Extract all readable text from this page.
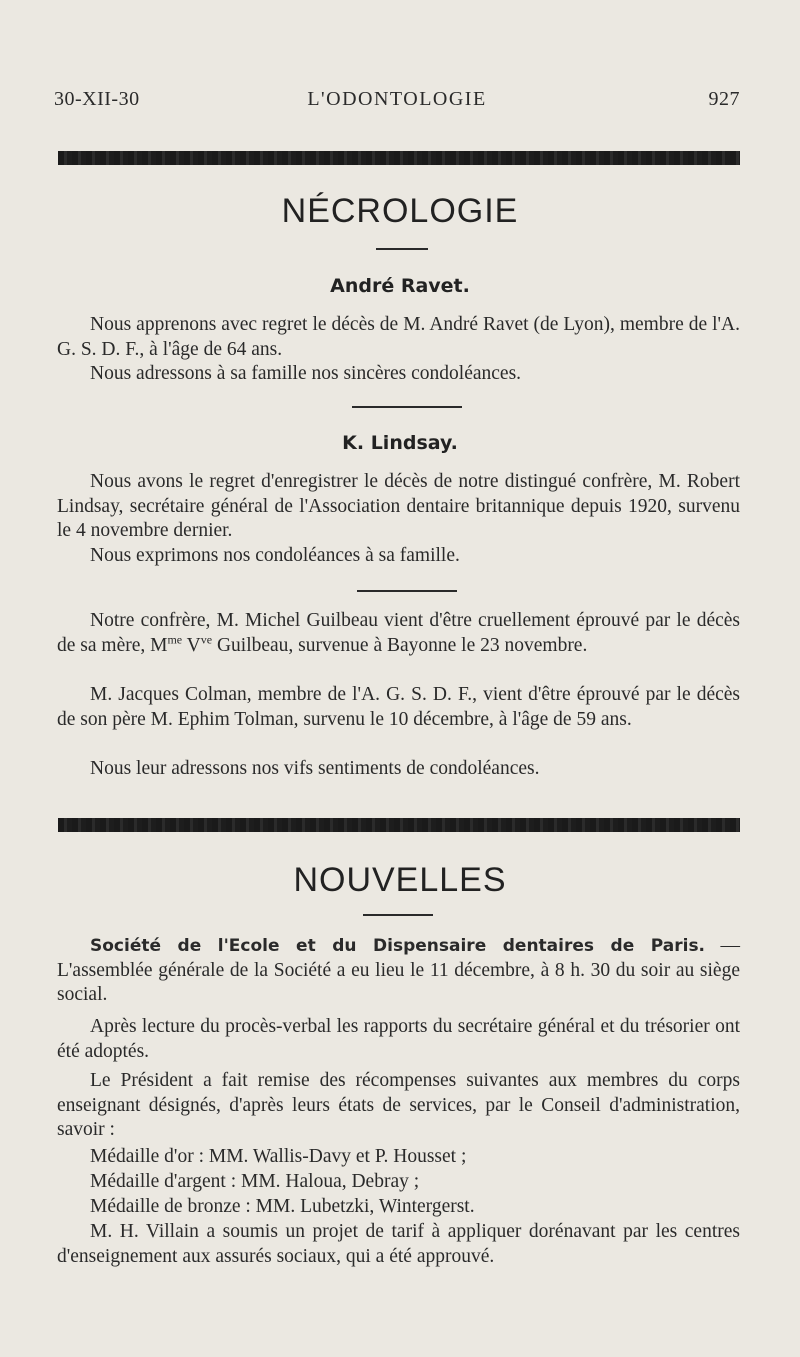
30-XII-30	L'ODONTOLOGIE	927
NÉCROLOGIE
André Ravet.
Nous apprenons avec regret le décès de M. André Ravet (de Lyon), membre de l'A. G. S. D. F., à l'âge de 64 ans.
Nous adressons à sa famille nos sincères condoléances.
K. Lindsay.
Nous avons le regret d'enregistrer le décès de notre distingué confrère, M. Robert Lindsay, secrétaire général de l'Association dentaire britannique depuis 1920, survenu le 4 novembre dernier.
Nous exprimons nos condoléances à sa famille.
Notre confrère, M. Michel Guilbeau vient d'être cruellement éprouvé par le décès de sa mère, $M^{me}$ $V^{ve}$ Guilbeau, survenue à Bayonne le 23 novembre.
M. Jacques Colman, membre de l'A. G. S. D. F., vient d'être éprouvé par le décès de son père M. Ephim Tolman, survenu le 10 décembre, à l'âge de 59 ans.
Nous leur adressons nos vifs sentiments de condoléances.
NOUVELLES
Société de l'Ecole et du Dispensaire dentaires de Paris. — L'assemblée générale de la Société a eu lieu le 11 décembre, à 8 h. 30 du soir au siège social.
Après lecture du procès-verbal les rapports du secrétaire général et du trésorier ont été adoptés.
Le Président a fait remise des récompenses suivantes aux membres du corps enseignant désignés, d'après leurs états de services, par le Conseil d'administration, savoir :
Médaille d'or : MM. Wallis-Davy et P. Housset ;
Médaille d'argent : MM. Haloua, Debray ;
Médaille de bronze : MM. Lubetzki, Wintergerst.
M. H. Villain a soumis un projet de tarif à appliquer dorénavant par les centres d'enseignement aux assurés sociaux, qui a été approuvé.
